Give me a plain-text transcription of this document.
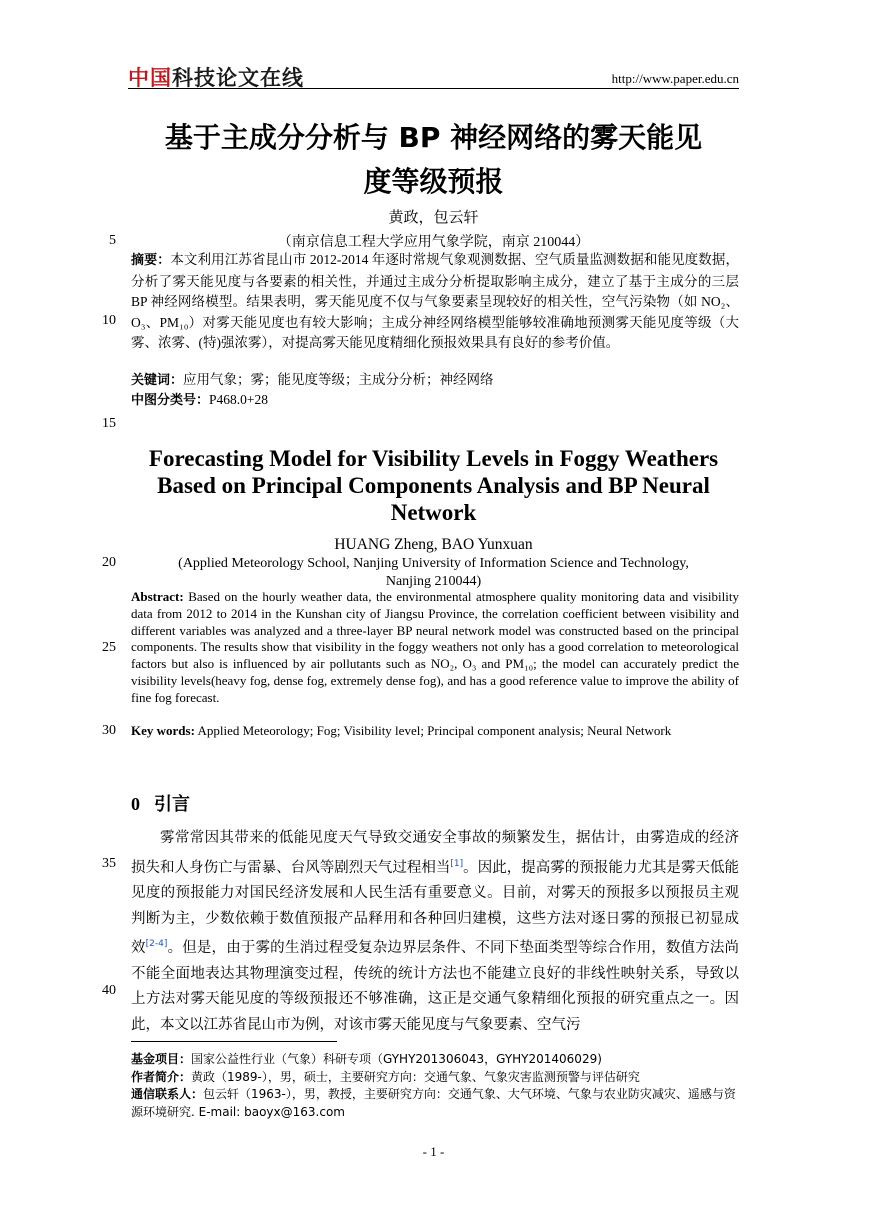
中国科技论文在线	http://www.paper.edu.cn
基于主成分分析与 BP 神经网络的雾天能见
度等级预报
黄政，包云轩
（南京信息工程大学应用气象学院，南京 210044）
5
10
15
20
25
30
35
40
摘要：本文利用江苏省昆山市 2012-2014 年逐时常规气象观测数据、空气质量监测数据和能见度数据，分析了雾天能见度与各要素的相关性，并通过主成分分析提取影响主成分，建立了基于主成分的三层 BP 神经网络模型。结果表明，雾天能见度不仅与气象要素呈现较好的相关性，空气污染物（如 NO₂、O₃、PM₁₀）对雾天能见度也有较大影响；主成分神经网络模型能够较准确地预测雾天能见度等级（大雾、浓雾、(特)强浓雾），对提高雾天能见度精细化预报效果具有良好的参考价值。
关键词：应用气象；雾；能见度等级；主成分分析；神经网络
中图分类号：P468.0+28
Forecasting Model for Visibility Levels in Foggy Weathers
Based on Principal Components Analysis and BP Neural
Network
HUANG Zheng, BAO Yunxuan
(Applied Meteorology School, Nanjing University of Information Science and Technology,
Nanjing 210044)
Abstract: Based on the hourly weather data, the environmental atmosphere quality monitoring data and visibility data from 2012 to 2014 in the Kunshan city of Jiangsu Province, the correlation coefficient between visibility and different variables was analyzed and a three-layer BP neural network model was constructed based on the principal components. The results show that visibility in the foggy weathers not only has a good correlation to meteorological factors but also is influenced by air pollutants such as NO₂, O₃ and PM₁₀; the model can accurately predict the visibility levels(heavy fog, dense fog, extremely dense fog), and has a good reference value to improve the ability of fine fog forecast.
Key words: Applied Meteorology; Fog; Visibility level; Principal component analysis; Neural Network
0 引言
雾常常因其带来的低能见度天气导致交通安全事故的频繁发生，据估计，由雾造成的经济损失和人身伤亡与雷暴、台风等剧烈天气过程相当[1]。因此，提高雾的预报能力尤其是雾天低能见度的预报能力对国民经济发展和人民生活有重要意义。目前，对雾天的预报多以预报员主观判断为主，少数依赖于数值预报产品释用和各种回归建模，这些方法对逐日雾的预报已初显成效[2-4]。但是，由于雾的生消过程受复杂边界层条件、不同下垫面类型等综合作用，数值方法尚不能全面地表达其物理演变过程，传统的统计方法也不能建立良好的非线性映射关系，导致以上方法对雾天能见度的等级预报还不够准确，这正是交通气象精细化预报的研究重点之一。因此，本文以江苏省昆山市为例，对该市雾天能见度与气象要素、空气污
基金项目：国家公益性行业（气象）科研专项（GYHY201306043，GYHY201406029)
作者简介：黄政（1989-），男，硕士，主要研究方向：交通气象、气象灾害监测预警与评估研究
通信联系人：包云轩（1963-），男，教授，主要研究方向：交通气象、大气环境、气象与农业防灾减灾、遥感与资源环境研究. E-mail: baoyx@163.com
- 1 -
